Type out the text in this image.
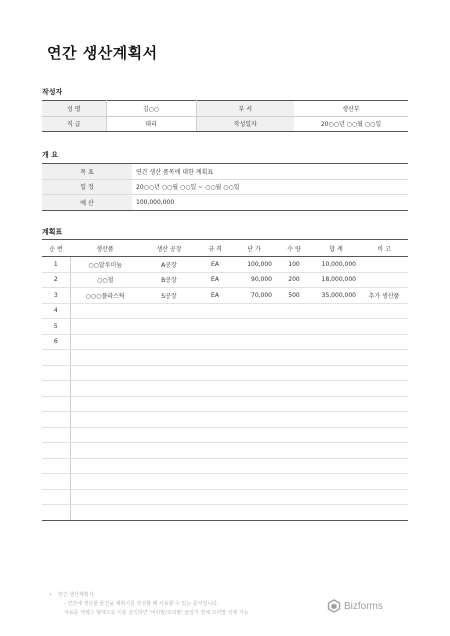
연간 생산계획서
작성자
성 명	김○○	부 서	생산부
직 급	대리	작성일자	20○○년 ○○월 ○○일
개 요
목 표	연간 생산 품목에 대한 계획표
일 정	20○○년 ○○월 ○○일 ~ ○○월 ○○일
예 산	100,000,000
계획표
순 번	생산품	생산 공장	규 격	단 가	수 량	합 계	비 고
1	○○알루미늄	A공장	EA	100,000	100	10,000,000	
2	○○철	B공장	EA	90,000	200	18,000,000	
3	○○○플라스틱	S공장	EA	70,000	500	35,000,000	추가 생산품
4							
5							
6							

• 연간 생산계획서
- 연간에 생산할 물건을 계획서를 작성할 때 사용할 수 있는 문서입니다.
자료를 엑셀스 형태으로 이를 클릭하면 '머리말/꼬리말' 삽입기 전체 꼬리말 삭제 가능
Bizforms
